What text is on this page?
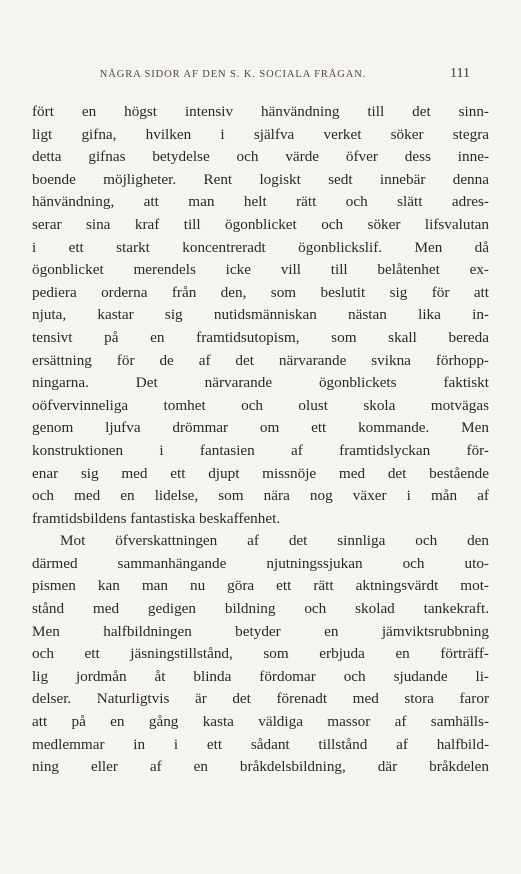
NÅGRA SIDOR AF DEN S. K. SOCIALA FRÅGAN.	111
fört en högst intensiv hänvändning till det sinn-
ligt gifna, hvilken i själfva verket söker stegra
detta gifnas betydelse och värde öfver dess inne-
boende möjligheter. Rent logiskt sedt innebär denna
hänvändning, att man helt rätt och slätt adres-
serar sina kraf till ögonblicket och söker lifsvalutan
i ett starkt koncentreradt ögonblickslif. Men då
ögonblicket merendels icke vill till belåtenhet ex-
pediera orderna från den, som beslutit sig för att
njuta, kastar sig nutidsmänniskan nästan lika in-
tensivt på en framtidsutopism, som skall bereda
ersättning för de af det närvarande svikna förhopp-
ningarna. Det närvarande ögonblickets faktiskt
oöfvervinneliga tomhet och olust skola motvägas
genom ljufva drömmar om ett kommande. Men
konstruktionen i fantasien af framtidslyckan för-
enar sig med ett djupt missnöje med det bestående
och med en lidelse, som nära nog växer i mån af
framtidsbildens fantastiska beskaffenhet.
Mot öfverskattningen af det sinnliga och den
därmed sammanhängande njutningssjukan och uto-
pismen kan man nu göra ett rätt aktningsvärdt mot-
stånd med gedigen bildning och skolad tankekraft.
Men halfbildningen betyder en jämviktsrubbning
och ett jäsningstillstånd, som erbjuda en förträff-
lig jordmån åt blinda fördomar och sjudande li-
delser. Naturligtvis är det förenadt med stora faror
att på en gång kasta väldiga massor af samhälls-
medlemmar in i ett sådant tillstånd af halfbild-
ning eller af en bråkdelsbildning, där bråkdelen
